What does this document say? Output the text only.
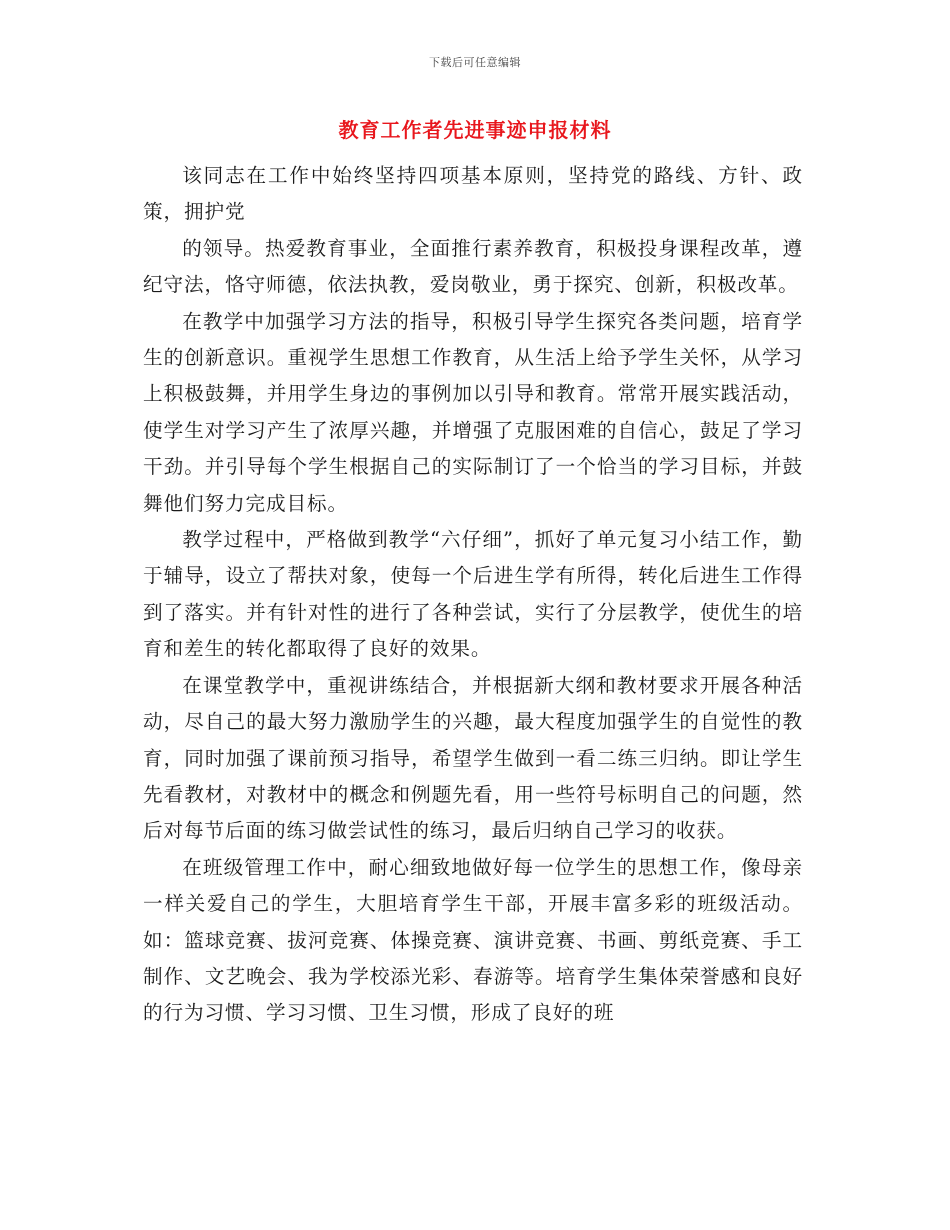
下载后可任意编辑
教育工作者先进事迹申报材料

该同志在工作中始终坚持四项基本原则，坚持党的路线、方针、政策，拥护党

的领导。热爱教育事业，全面推行素养教育，积极投身课程改革，遵纪守法，恪守师德，依法执教，爱岗敬业，勇于探究、创新，积极改革。

在教学中加强学习方法的指导，积极引导学生探究各类问题，培育学生的创新意识。重视学生思想工作教育，从生活上给予学生关怀，从学习上积极鼓舞，并用学生身边的事例加以引导和教育。常常开展实践活动，使学生对学习产生了浓厚兴趣，并增强了克服困难的自信心，鼓足了学习干劲。并引导每个学生根据自己的实际制订了一个恰当的学习目标，并鼓舞他们努力完成目标。

教学过程中，严格做到教学“六仔细”，抓好了单元复习小结工作，勤于辅导，设立了帮扶对象，使每一个后进生学有所得，转化后进生工作得到了落实。并有针对性的进行了各种尝试，实行了分层教学，使优生的培育和差生的转化都取得了良好的效果。

在课堂教学中，重视讲练结合，并根据新大纲和教材要求开展各种活动，尽自己的最大努力激励学生的兴趣，最大程度加强学生的自觉性的教育，同时加强了课前预习指导，希望学生做到一看二练三归纳。即让学生先看教材，对教材中的概念和例题先看，用一些符号标明自己的问题，然后对每节后面的练习做尝试性的练习，最后归纳自己学习的收获。

在班级管理工作中，耐心细致地做好每一位学生的思想工作，像母亲一样关爱自己的学生，大胆培育学生干部，开展丰富多彩的班级活动。如：篮球竞赛、拔河竞赛、体操竞赛、演讲竞赛、书画、剪纸竞赛、手工制作、文艺晚会、我为学校添光彩、春游等。培育学生集体荣誉感和良好的行为习惯、学习习惯、卫生习惯，形成了良好的班
